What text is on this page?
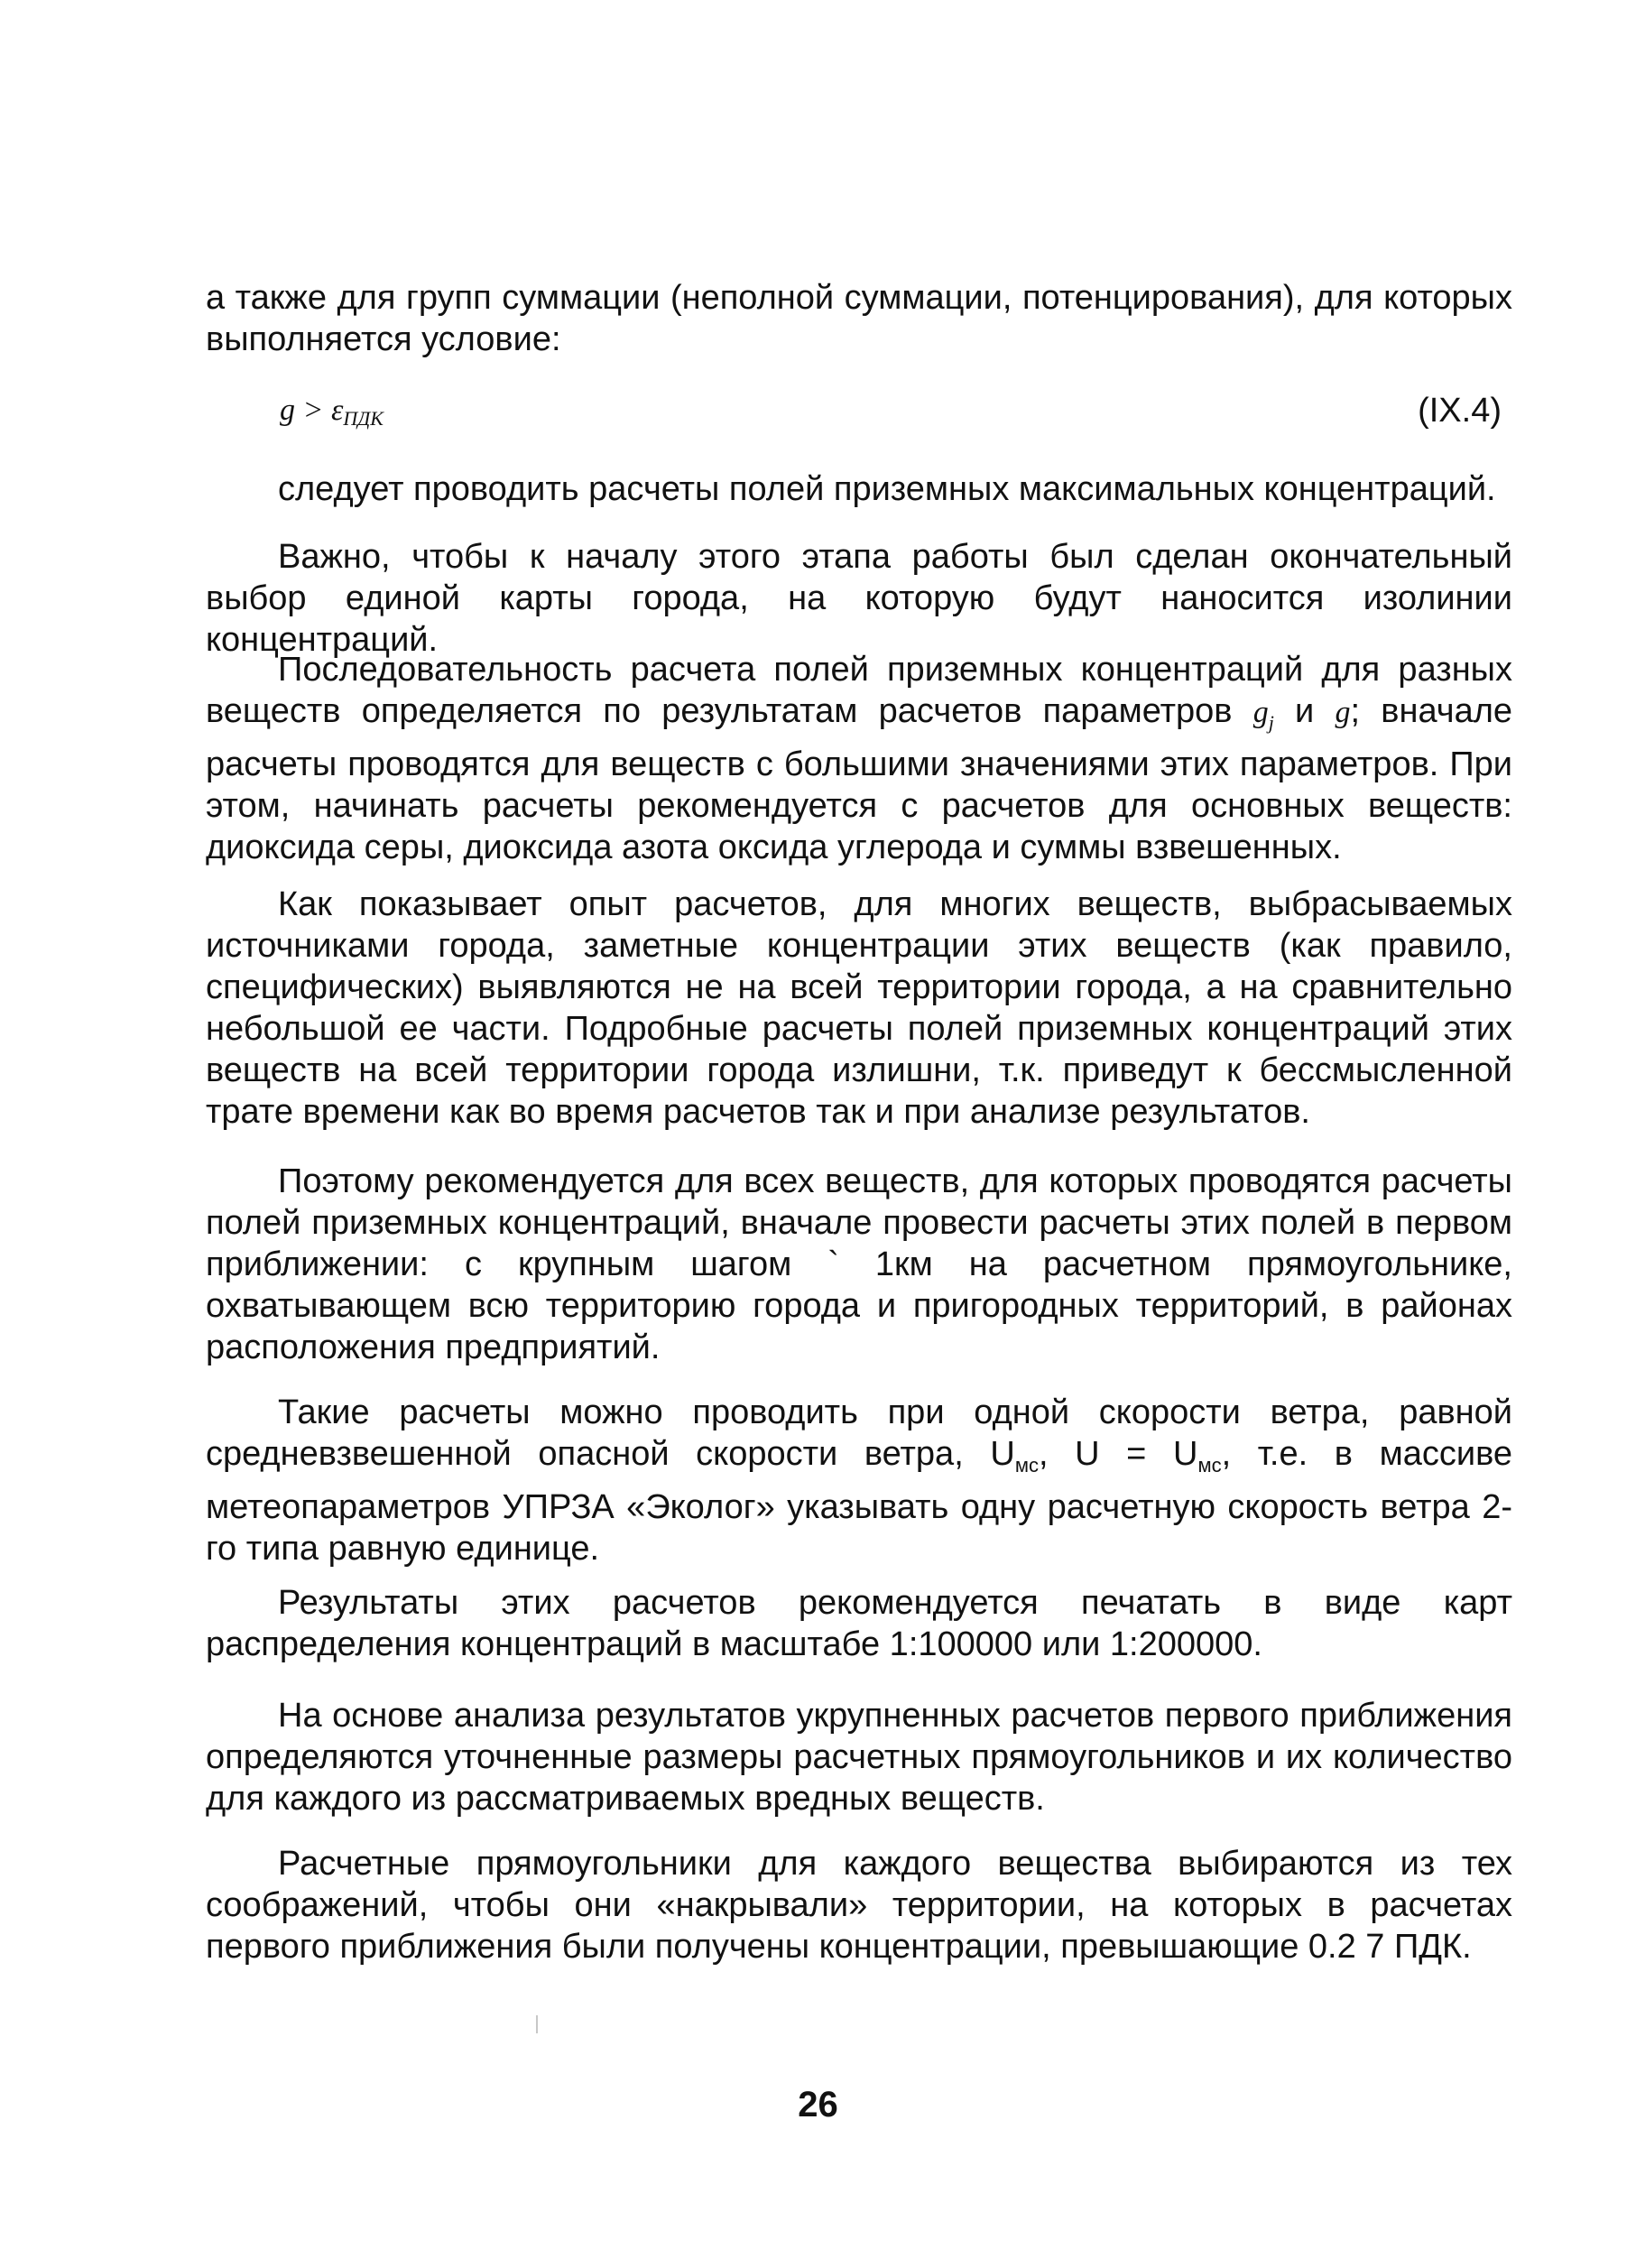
а также для групп суммации (неполной суммации, потенцирования), для которых выполняется условие:

$g > \varepsilon_{ПДК}$	(IX.4)

следует проводить расчеты полей приземных максимальных концентраций.

Важно, чтобы к началу этого этапа работы был сделан окончательный выбор единой карты города, на которую будут наносится изолинии концентраций.

Последовательность расчета полей приземных концентраций для разных веществ определяется по результатам расчетов параметров $g_j$ и g; вначале расчеты проводятся для веществ с большими значениями этих параметров. При этом, начинать расчеты рекомендуется с расчетов для основных веществ: диоксида серы, диоксида азота оксида углерода и суммы взвешенных.

Как показывает опыт расчетов, для многих веществ, выбрасываемых источниками города, заметные концентрации этих веществ (как правило, специфических) выявляются не на всей территории города, а на сравнительно небольшой ее части. Подробные расчеты полей приземных концентраций этих веществ на всей территории города излишни, т.к. приведут к бессмысленной трате времени как во время расчетов так и при анализе результатов.

Поэтому рекомендуется для всех веществ, для которых проводятся расчеты полей приземных концентраций, вначале провести расчеты этих полей в первом приближении: с крупным шагом ` 1км на расчетном прямоугольнике, охватывающем всю территорию города и пригородных территорий, в районах расположения предприятий.

Такие расчеты можно проводить при одной скорости ветра, равной средневзвешенной опасной скорости ветра, $U_{мс}$, $U = U_{мс}$, т.е. в массиве метеопараметров УПРЗА «Эколог» указывать одну расчетную скорость ветра 2-го типа равную единице.

Результаты этих расчетов рекомендуется печатать в виде карт распределения концентраций в масштабе 1:100000 или 1:200000.

На основе анализа результатов укрупненных расчетов первого приближения определяются уточненные размеры расчетных прямоугольников и их количество для каждого из рассматриваемых вредных веществ.

Расчетные прямоугольники для каждого вещества выбираются из тех соображений, чтобы они «накрывали» территории, на которых в расчетах первого приближения были получены концентрации, превышающие 0.2 7 ПДК.

26
